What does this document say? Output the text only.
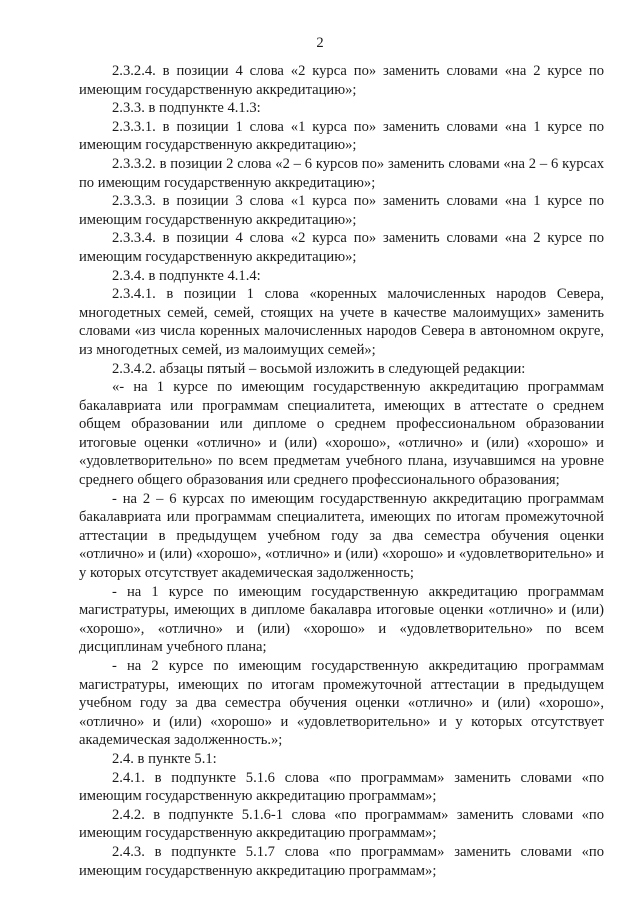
2

2.3.2.4. в позиции 4 слова «2 курса по» заменить словами «на 2 курсе по имеющим государственную аккредитацию»;

2.3.3. в подпункте 4.1.3:

2.3.3.1. в позиции 1 слова «1 курса по» заменить словами «на 1 курсе по имеющим государственную аккредитацию»;

2.3.3.2. в позиции 2 слова «2 – 6 курсов по» заменить словами «на 2 – 6 курсах по имеющим государственную аккредитацию»;

2.3.3.3. в позиции 3 слова «1 курса по» заменить словами «на 1 курсе по имеющим государственную аккредитацию»;

2.3.3.4. в позиции 4 слова «2 курса по» заменить словами «на 2 курсе по имеющим государственную аккредитацию»;

2.3.4. в подпункте 4.1.4:

2.3.4.1. в позиции 1 слова «коренных малочисленных народов Севера, многодетных семей, семей, стоящих на учете в качестве малоимущих» заменить словами «из числа коренных малочисленных народов Севера в автономном округе, из многодетных семей, из малоимущих семей»;

2.3.4.2. абзацы пятый – восьмой изложить в следующей редакции:

«- на 1 курсе по имеющим государственную аккредитацию программам бакалавриата или программам специалитета, имеющих в аттестате о среднем общем образовании или дипломе о среднем профессиональном образовании итоговые оценки «отлично» и (или) «хорошо», «отлично» и (или) «хорошо» и «удовлетворительно» по всем предметам учебного плана, изучавшимся на уровне среднего общего образования или среднего профессионального образования;

- на 2 – 6 курсах по имеющим государственную аккредитацию программам бакалавриата или программам специалитета, имеющих по итогам промежуточной аттестации в предыдущем учебном году за два семестра обучения оценки «отлично» и (или) «хорошо», «отлично» и (или) «хорошо» и «удовлетворительно» и у которых отсутствует академическая задолженность;

- на 1 курсе по имеющим государственную аккредитацию программам магистратуры, имеющих в дипломе бакалавра итоговые оценки «отлично» и (или) «хорошо», «отлично» и (или) «хорошо» и «удовлетворительно» по всем дисциплинам учебного плана;

- на 2 курсе по имеющим государственную аккредитацию программам магистратуры, имеющих по итогам промежуточной аттестации в предыдущем учебном году за два семестра обучения оценки «отлично» и (или) «хорошо», «отлично» и (или) «хорошо» и «удовлетворительно» и у которых отсутствует академическая задолженность.»;

2.4. в пункте 5.1:

2.4.1. в подпункте 5.1.6 слова «по программам» заменить словами «по имеющим государственную аккредитацию программам»;

2.4.2. в подпункте 5.1.6-1 слова «по программам» заменить словами «по имеющим государственную аккредитацию программам»;

2.4.3. в подпункте 5.1.7 слова «по программам» заменить словами «по имеющим государственную аккредитацию программам»;
